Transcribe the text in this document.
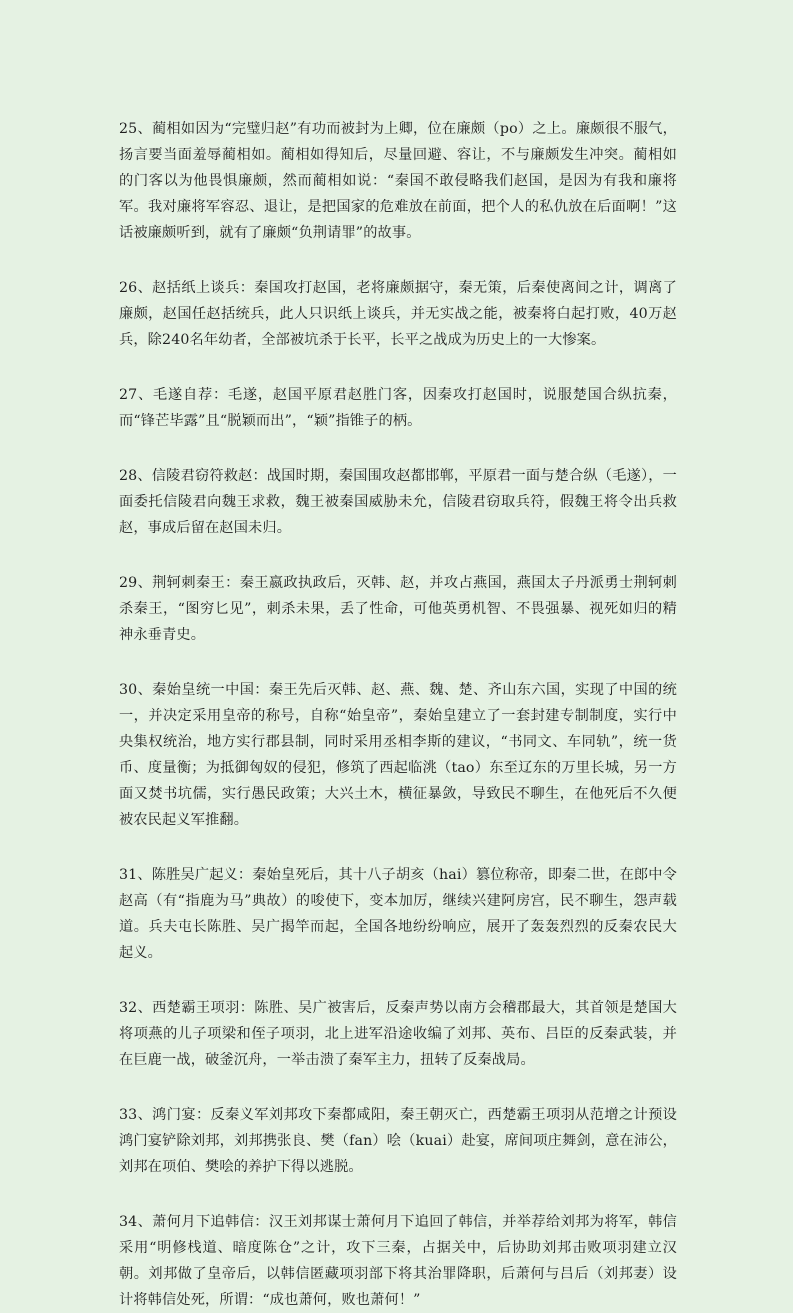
25、蔺相如因为“完璧归赵”有功而被封为上卿，位在廉颇（po）之上。廉颇很不服气，扬言要当面羞辱蔺相如。蔺相如得知后，尽量回避、容让，不与廉颇发生冲突。蔺相如的门客以为他畏惧廉颇，然而蔺相如说：“秦国不敢侵略我们赵国，是因为有我和廉将军。我对廉将军容忍、退让，是把国家的危难放在前面，把个人的私仇放在后面啊！”这话被廉颇听到，就有了廉颇“负荆请罪”的故事。

26、赵括纸上谈兵：秦国攻打赵国，老将廉颇据守，秦无策，后秦使离间之计，调离了廉颇，赵国任赵括统兵，此人只识纸上谈兵，并无实战之能，被秦将白起打败，40万赵兵，除240名年幼者，全部被坑杀于长平，长平之战成为历史上的一大惨案。

27、毛遂自荐：毛遂，赵国平原君赵胜门客，因秦攻打赵国时，说服楚国合纵抗秦，而“锋芒毕露”且“脱颖而出”，“颖”指锥子的柄。

28、信陵君窃符救赵：战国时期，秦国围攻赵都邯郸，平原君一面与楚合纵（毛遂），一面委托信陵君向魏王求救，魏王被秦国威胁未允，信陵君窃取兵符，假魏王将令出兵救赵，事成后留在赵国未归。

29、荆轲刺秦王：秦王嬴政执政后，灭韩、赵，并攻占燕国，燕国太子丹派勇士荆轲刺杀秦王，“图穷匕见”，刺杀未果，丢了性命，可他英勇机智、不畏强暴、视死如归的精神永垂青史。

30、秦始皇统一中国：秦王先后灭韩、赵、燕、魏、楚、齐山东六国，实现了中国的统一，并决定采用皇帝的称号，自称“始皇帝”，秦始皇建立了一套封建专制制度，实行中央集权统治，地方实行郡县制，同时采用丞相李斯的建议，“书同文、车同轨”，统一货币、度量衡；为抵御匈奴的侵犯，修筑了西起临洮（tao）东至辽东的万里长城，另一方面又焚书坑儒，实行愚民政策；大兴土木，横征暴敛，导致民不聊生，在他死后不久便被农民起义军推翻。

31、陈胜吴广起义：秦始皇死后，其十八子胡亥（hai）篡位称帝，即秦二世，在郎中令赵高（有“指鹿为马”典故）的唆使下，变本加厉，继续兴建阿房宫，民不聊生，怨声载道。兵夫屯长陈胜、吴广揭竿而起，全国各地纷纷响应，展开了轰轰烈烈的反秦农民大起义。

32、西楚霸王项羽：陈胜、吴广被害后，反秦声势以南方会稽郡最大，其首领是楚国大将项燕的儿子项梁和侄子项羽，北上进军沿途收编了刘邦、英布、吕臣的反秦武装，并在巨鹿一战，破釜沉舟，一举击溃了秦军主力，扭转了反秦战局。

33、鸿门宴：反秦义军刘邦攻下秦都咸阳，秦王朝灭亡，西楚霸王项羽从范增之计预设鸿门宴铲除刘邦，刘邦携张良、樊（fan）哙（kuai）赴宴，席间项庄舞剑，意在沛公，刘邦在项伯、樊哙的养护下得以逃脱。

34、萧何月下追韩信：汉王刘邦谋士萧何月下追回了韩信，并举荐给刘邦为将军，韩信采用“明修栈道、暗度陈仓”之计，攻下三秦，占据关中，后协助刘邦击败项羽建立汉朝。刘邦做了皇帝后，以韩信匿藏项羽部下将其治罪降职，后萧何与吕后（刘邦妻）设计将韩信处死，所谓：“成也萧何，败也萧何！”
